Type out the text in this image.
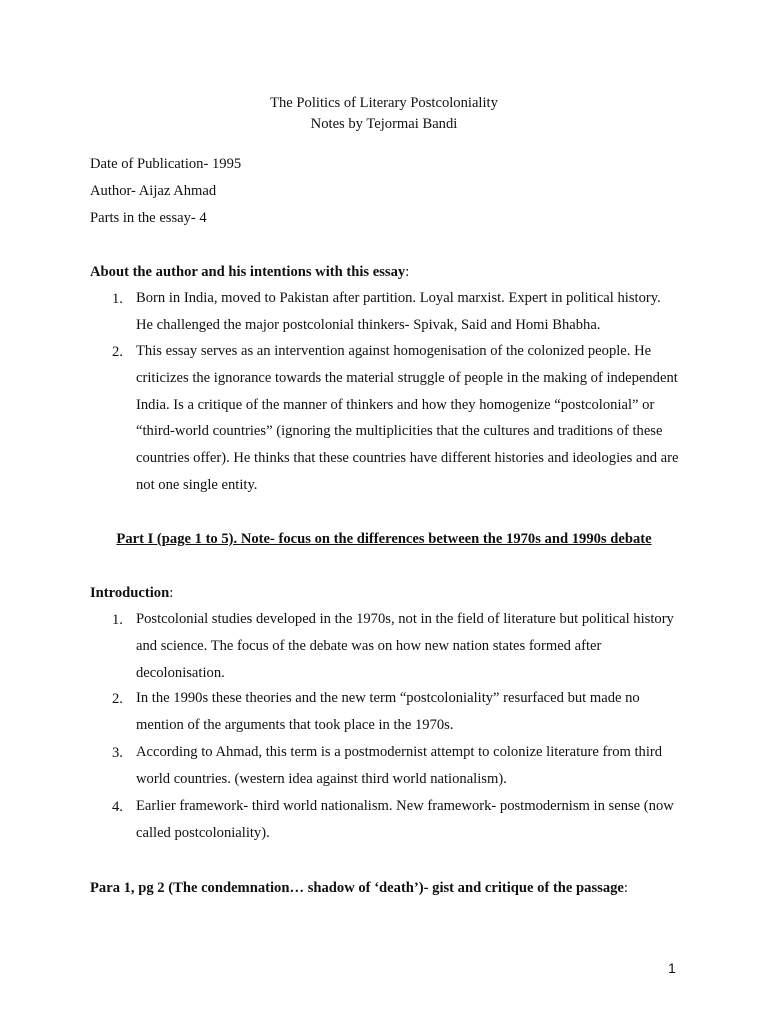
The Politics of Literary Postcoloniality
Notes by Tejormai Bandi
Date of Publication- 1995
Author- Aijaz Ahmad
Parts in the essay- 4
About the author and his intentions with this essay:
1. Born in India, moved to Pakistan after partition. Loyal marxist. Expert in political history. He challenged the major postcolonial thinkers- Spivak, Said and Homi Bhabha.
2. This essay serves as an intervention against homogenisation of the colonized people. He criticizes the ignorance towards the material struggle of people in the making of independent India. Is a critique of the manner of thinkers and how they homogenize “postcolonial” or “third-world countries” (ignoring the multiplicities that the cultures and traditions of these countries offer). He thinks that these countries have different histories and ideologies and are not one single entity.
Part I (page 1 to 5). Note- focus on the differences between the 1970s and 1990s debate
Introduction:
1. Postcolonial studies developed in the 1970s, not in the field of literature but political history and science. The focus of the debate was on how new nation states formed after decolonisation.
2. In the 1990s these theories and the new term “postcoloniality” resurfaced but made no mention of the arguments that took place in the 1970s.
3. According to Ahmad, this term is a postmodernist attempt to colonize literature from third world countries. (western idea against third world nationalism).
4. Earlier framework- third world nationalism. New framework- postmodernism in sense (now called postcoloniality).
Para 1, pg 2 (The condemnation… shadow of ‘death’)- gist and critique of the passage:
1
